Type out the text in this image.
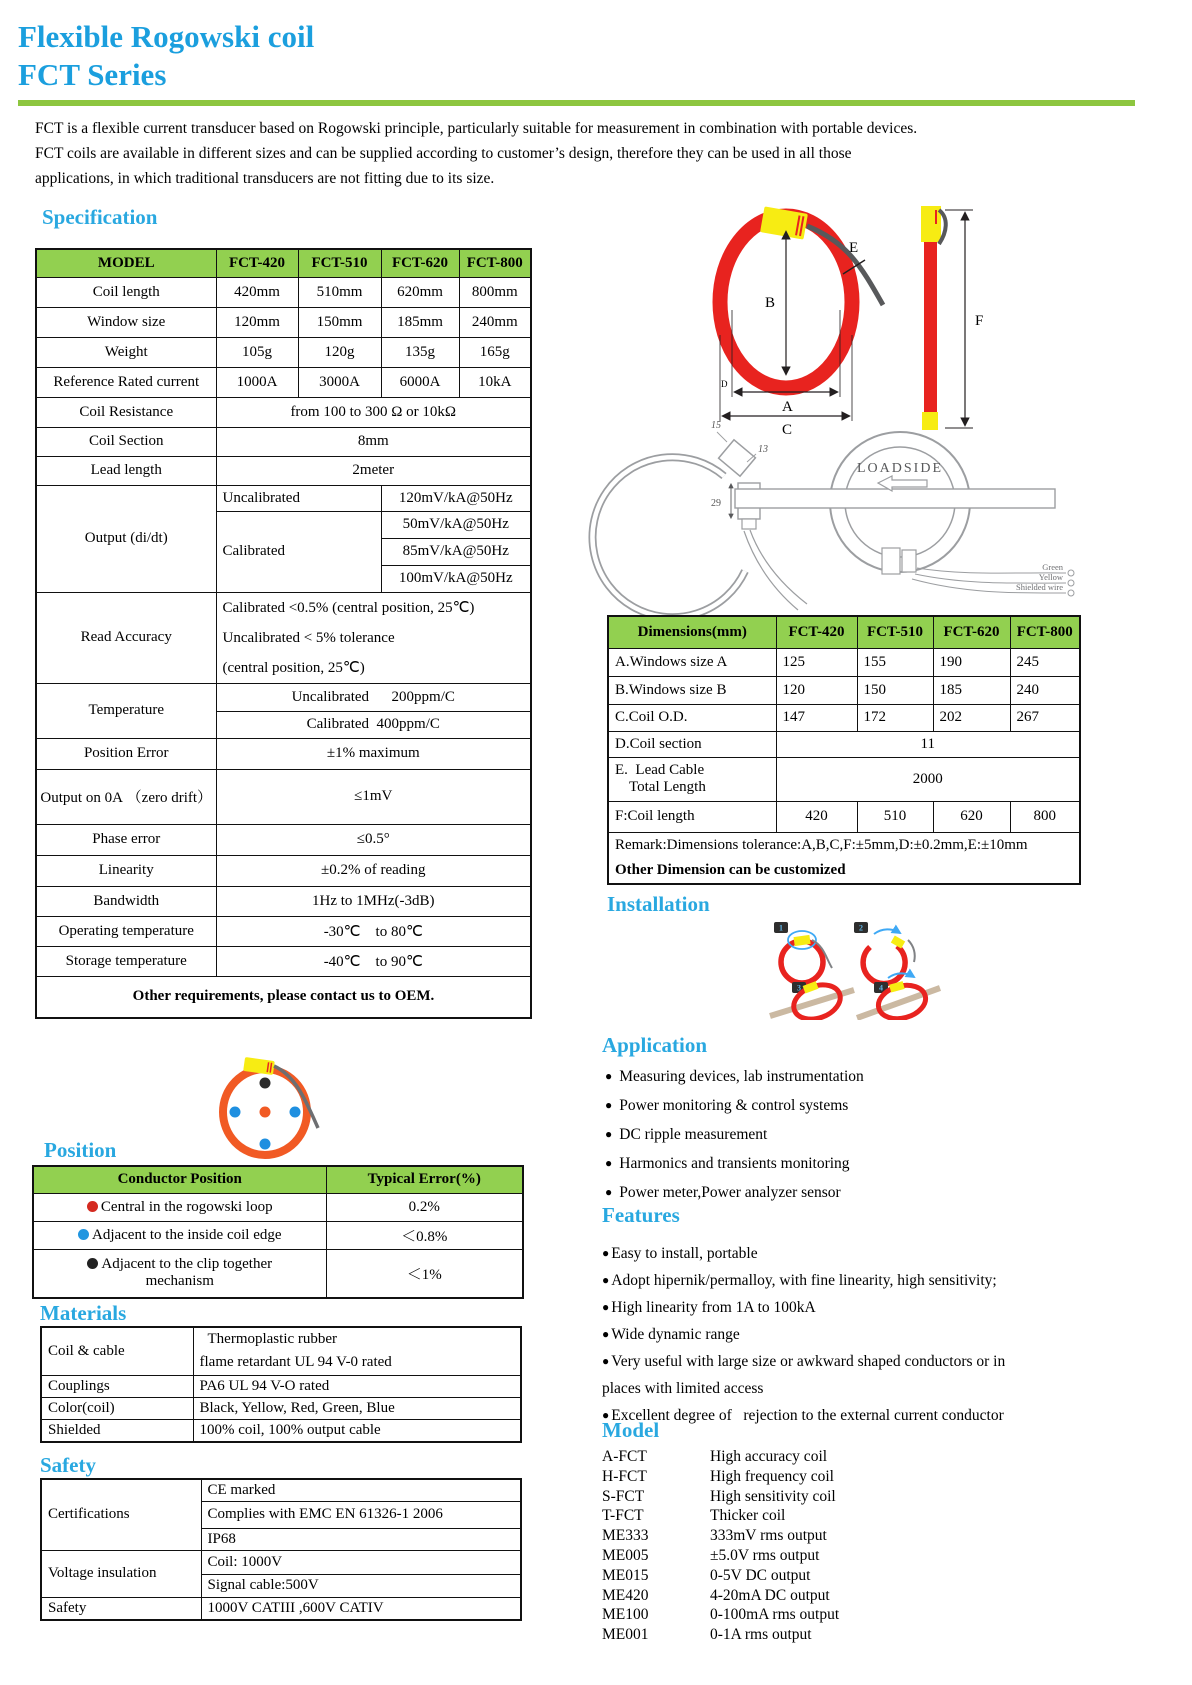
Flexible Rogowski coil
FCT Series
FCT is a flexible current transducer based on Rogowski principle, particularly suitable for measurement in combination with portable devices.
FCT coils are available in different sizes and can be supplied according to customer’s design, therefore they can be used in all those
applications, in which traditional transducers are not fitting due to its size.
Specification
MODEL	FCT-420	FCT-510	FCT-620	FCT-800
Coil length	420mm	510mm	620mm	800mm
Window size	120mm	150mm	185mm	240mm
Weight	105g	120g	135g	165g
Reference Rated current	1000A	3000A	6000A	10kA
Coil Resistance	from 100 to 300 Ω or 10kΩ			
Coil Section	8mm			
Lead length	2meter			
Output (di/dt)	Uncalibrated		120mV/kA@50Hz	
	Calibrated		50mV/kA@50Hz	
			85mV/kA@50Hz	
			100mV/kA@50Hz	
Read Accuracy	Calibrated <0.5% (central position, 25℃)
Uncalibrated < 5% tolerance
(central position, 25℃)			

Temperature	Uncalibrated      200ppm/C			
	Calibrated  400ppm/C			
Position Error	±1% maximum			
Output on 0A （zero drift）	≤1mV			
Phase error	≤0.5°			
Linearity	±0.2% of reading			
Bandwidth	1Hz to 1MHz(-3dB)			
Operating temperature	-30℃    to 80℃			
Storage temperature	-40℃    to 90℃			
Other requirements, please contact us to OEM.				
E
B
A
C
D
F
15
13
29
LOADSIDE
Green
Yellow
Shielded wire
Dimensions(mm)	FCT-420	FCT-510	FCT-620	FCT-800
A.Windows size A	125	155	190	245
B.Windows size B	120	150	185	240
C.Coil O.D.	147	172	202	267
D.Coil section	11			

E.  Lead Cable
Total Length	2000			
F:Coil length	420	510	620	800

Remark:Dimensions tolerance:A,B,C,F:±5mm,D:±0.2mm,E:±10mm
Other Dimension can be customized				
Installation
1	2
3	4
Application
● Measuring devices, lab instrumentation
● Power monitoring & control systems
● DC ripple measurement
● Harmonics and transients monitoring
● Power meter,Power analyzer sensor
Features
● Easy to install, portable
● Adopt hipernik/permalloy, with fine linearity, high sensitivity;
● High linearity from 1A to 100kA
● Wide dynamic range
● Very useful with large size or awkward shaped conductors or in
places with limited access
● Excellent degree of   rejection to the external current conductor
Model
A-FCT	High accuracy coil
H-FCT	High frequency coil
S-FCT	High sensitivity coil
T-FCT	Thicker coil
ME333	333mV rms output
ME005	±5.0V rms output
ME015	0-5V DC output
ME420	4-20mA DC output
ME100	0-100mA rms output
ME001	0-1A rms output
Position
Conductor Position	Typical Error(%)
Central in the rogowski loop	0.2%
Adjacent to the inside coil edge	＜0.8%
Adjacent to the clip together mechanism	＜1%
Materials
Coil & cable	Thermoplastic rubber
flame retardant UL 94 V-0 rated

Couplings	PA6 UL 94 V-O rated
Color(coil)	Black, Yellow, Red, Green, Blue
Shielded	100% coil, 100% output cable
Safety
Certifications	CE marked
	Complies with EMC EN 61326-1 2006
	IP68
Voltage insulation	Coil: 1000V
	Signal cable:500V
Safety	1000V CATIII ,600V CATIV
